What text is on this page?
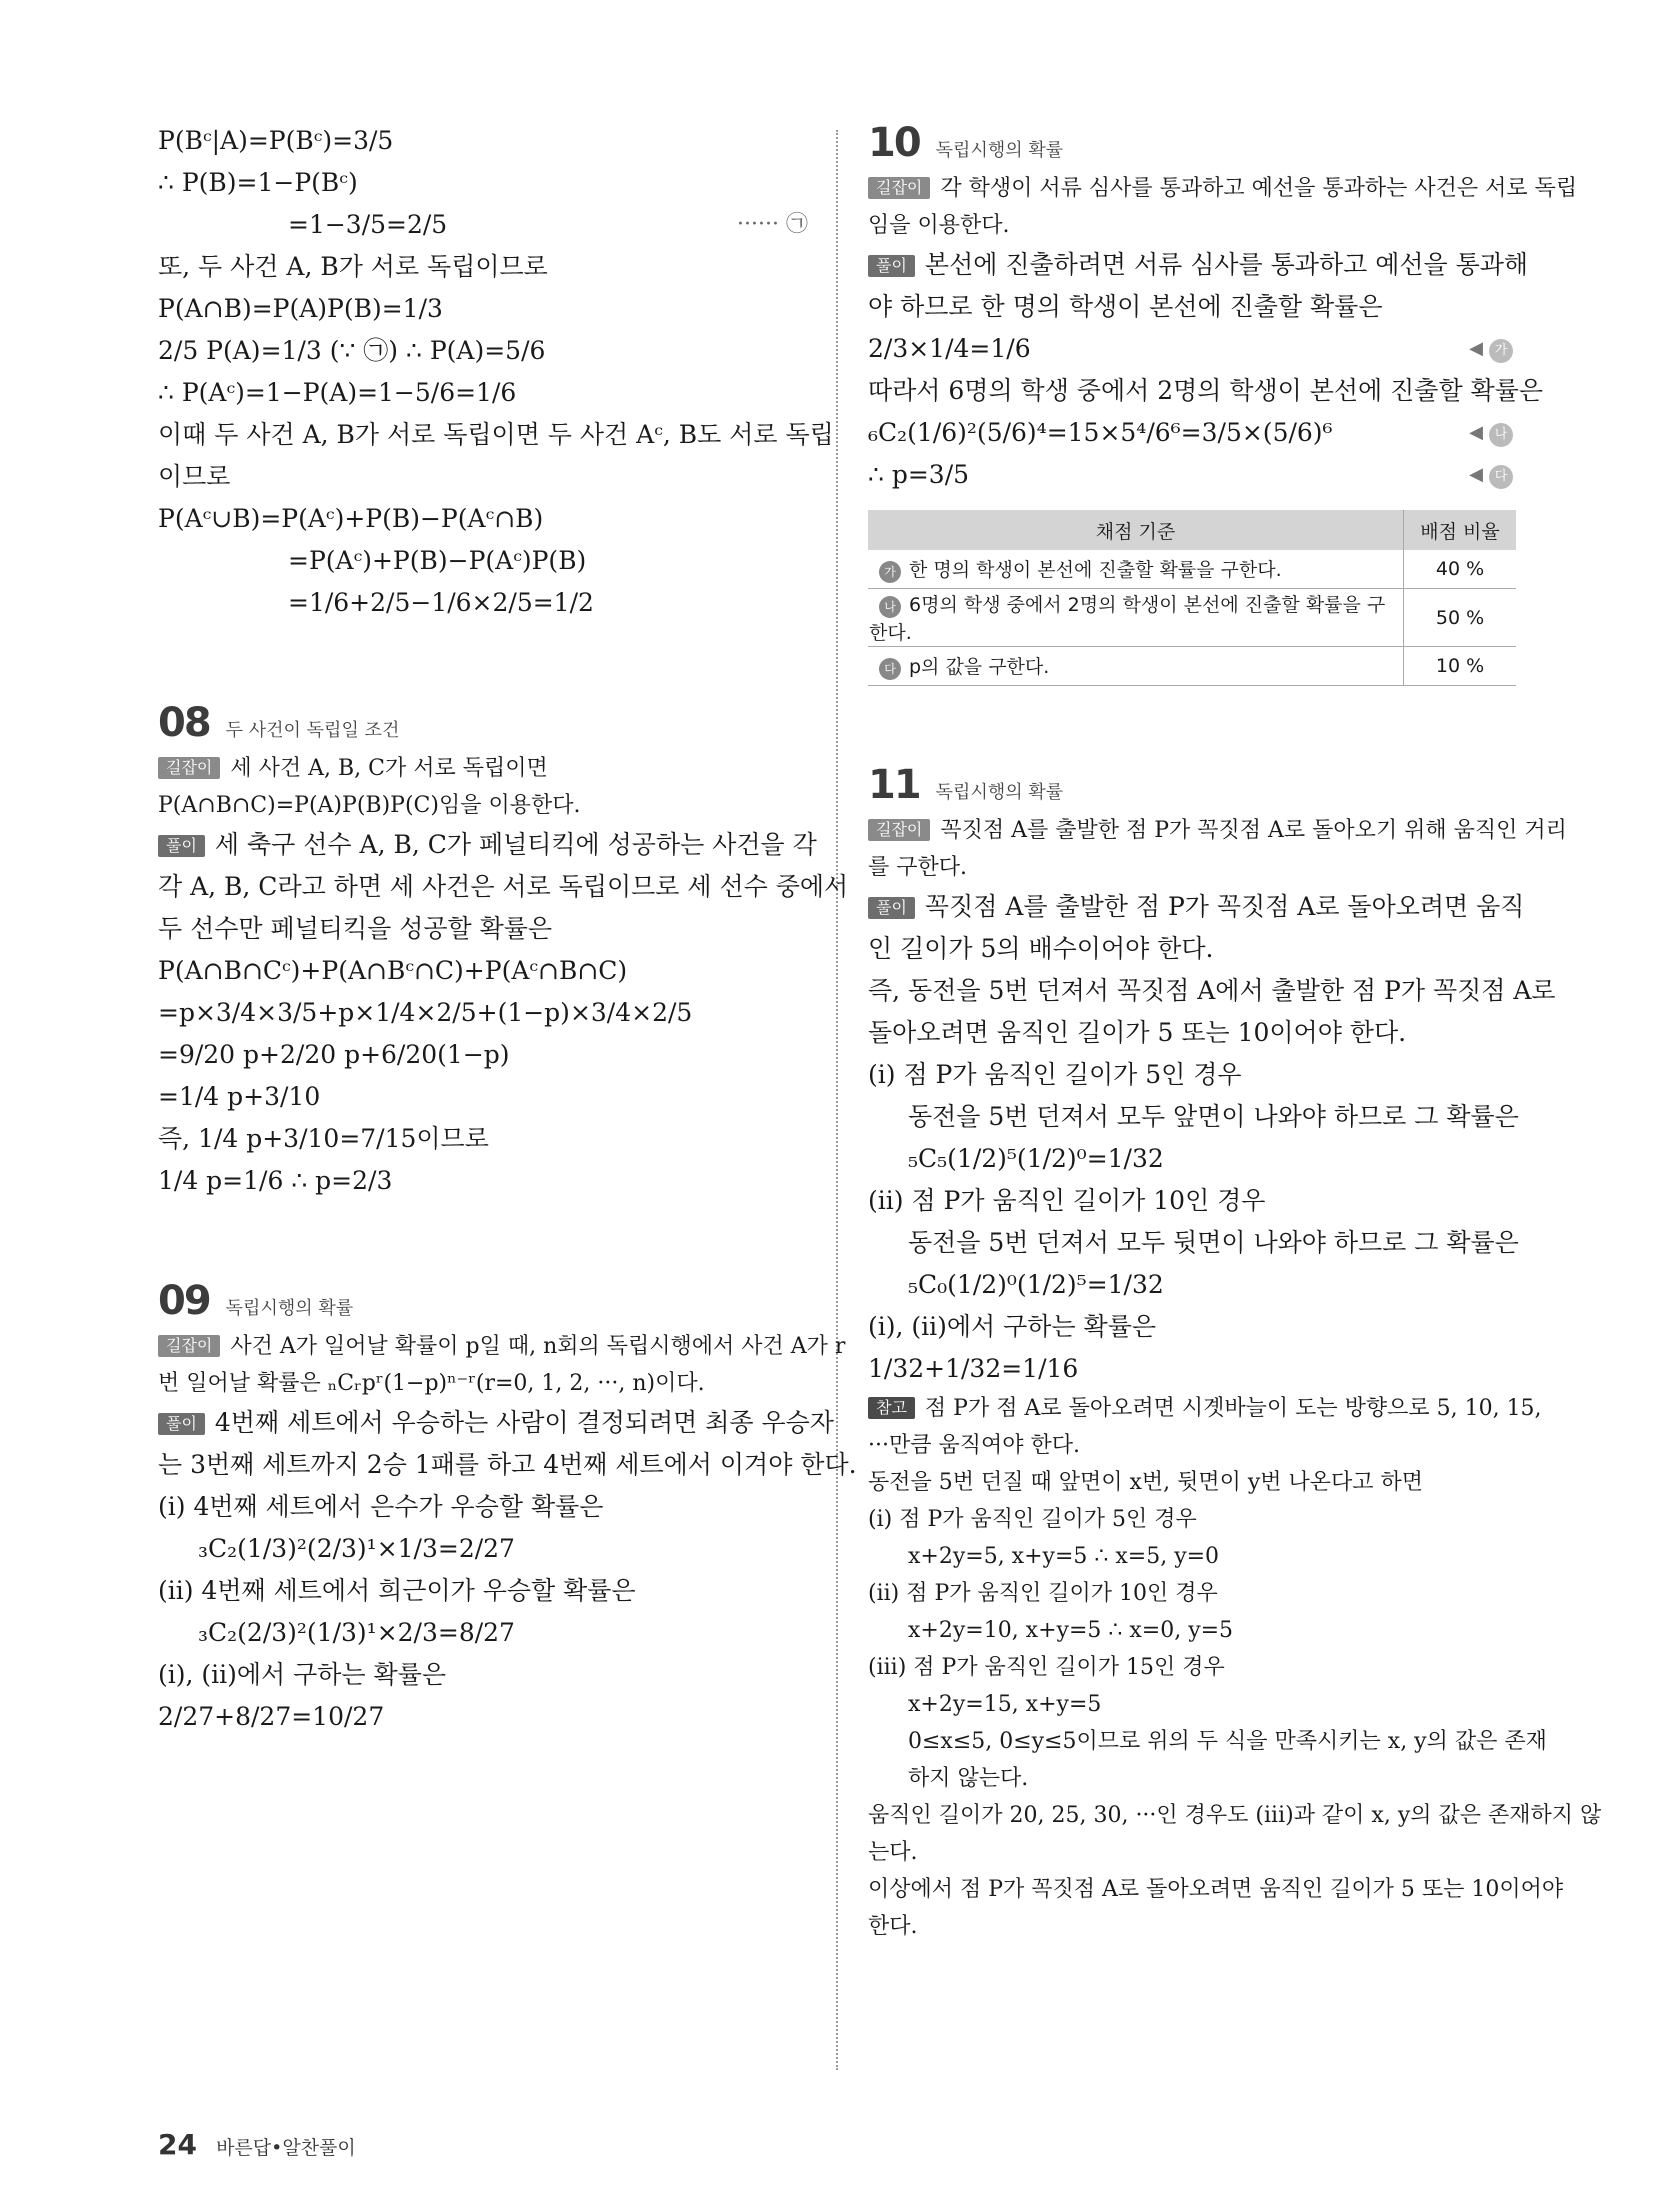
P(Bᶜ|A)=P(Bᶜ)=3/5
∴ P(B)=1−P(Bᶜ)
=1−3/5=2/5	······ ㉠
또, 두 사건 A, B가 서로 독립이므로
P(A∩B)=P(A)P(B)=1/3
2/5 P(A)=1/3 (∵ ㉠) ∴ P(A)=5/6
∴ P(Aᶜ)=1−P(A)=1−5/6=1/6
이때 두 사건 A, B가 서로 독립이면 두 사건 Aᶜ, B도 서로 독립
이므로
P(Aᶜ∪B)=P(Aᶜ)+P(B)−P(Aᶜ∩B)
=P(Aᶜ)+P(B)−P(Aᶜ)P(B)
=1/6+2/5−1/6×2/5=1/2
08 두 사건이 독립일 조건
길잡이 세 사건 A, B, C가 서로 독립이면
P(A∩B∩C)=P(A)P(B)P(C)임을 이용한다.
풀이 세 축구 선수 A, B, C가 페널티킥에 성공하는 사건을 각
각 A, B, C라고 하면 세 사건은 서로 독립이므로 세 선수 중에서
두 선수만 페널티킥을 성공할 확률은
P(A∩B∩Cᶜ)+P(A∩Bᶜ∩C)+P(Aᶜ∩B∩C)
=p×3/4×3/5+p×1/4×2/5+(1−p)×3/4×2/5
=9/20 p+2/20 p+6/20(1−p)
=1/4 p+3/10
즉, 1/4 p+3/10=7/15이므로
1/4 p=1/6 ∴ p=2/3
09 독립시행의 확률
길잡이 사건 A가 일어날 확률이 p일 때, n회의 독립시행에서 사건 A가 r
번 일어날 확률은 ₙCᵣpʳ(1−p)ⁿ⁻ʳ(r=0, 1, 2, ···, n)이다.
풀이 4번째 세트에서 우승하는 사람이 결정되려면 최종 우승자
는 3번째 세트까지 2승 1패를 하고 4번째 세트에서 이겨야 한다.
(i) 4번째 세트에서 은수가 우승할 확률은
₃C₂(1/3)²(2/3)¹×1/3=2/27
(ii) 4번째 세트에서 희근이가 우승할 확률은
₃C₂(2/3)²(1/3)¹×2/3=8/27
(i), (ii)에서 구하는 확률은
2/27+8/27=10/27
10 독립시행의 확률
길잡이 각 학생이 서류 심사를 통과하고 예선을 통과하는 사건은 서로 독립
임을 이용한다.
풀이 본선에 진출하려면 서류 심사를 통과하고 예선을 통과해
야 하므로 한 명의 학생이 본선에 진출할 확률은
2/3×1/4=1/6	◀ 가
따라서 6명의 학생 중에서 2명의 학생이 본선에 진출할 확률은
₆C₂(1/6)²(5/6)⁴=15×5⁴/6⁶=3/5×(5/6)⁶	◀ 나
∴ p=3/5	◀ 다
채점 기준	배점 비율
가 한 명의 학생이 본선에 진출할 확률을 구한다.	40 %
나 6명의 학생 중에서 2명의 학생이 본선에 진출할 확률을 구한다.	50 %
다 p의 값을 구한다.	10 %
11 독립시행의 확률
길잡이 꼭짓점 A를 출발한 점 P가 꼭짓점 A로 돌아오기 위해 움직인 거리
를 구한다.
풀이 꼭짓점 A를 출발한 점 P가 꼭짓점 A로 돌아오려면 움직
인 길이가 5의 배수이어야 한다.
즉, 동전을 5번 던져서 꼭짓점 A에서 출발한 점 P가 꼭짓점 A로
돌아오려면 움직인 길이가 5 또는 10이어야 한다.
(i) 점 P가 움직인 길이가 5인 경우
동전을 5번 던져서 모두 앞면이 나와야 하므로 그 확률은
₅C₅(1/2)⁵(1/2)⁰=1/32
(ii) 점 P가 움직인 길이가 10인 경우
동전을 5번 던져서 모두 뒷면이 나와야 하므로 그 확률은
₅C₀(1/2)⁰(1/2)⁵=1/32
(i), (ii)에서 구하는 확률은
1/32+1/32=1/16
참고 점 P가 점 A로 돌아오려면 시곗바늘이 도는 방향으로 5, 10, 15,
···만큼 움직여야 한다.
동전을 5번 던질 때 앞면이 x번, 뒷면이 y번 나온다고 하면
(i) 점 P가 움직인 길이가 5인 경우
x+2y=5, x+y=5 ∴ x=5, y=0
(ii) 점 P가 움직인 길이가 10인 경우
x+2y=10, x+y=5 ∴ x=0, y=5
(iii) 점 P가 움직인 길이가 15인 경우
x+2y=15, x+y=5
0≤x≤5, 0≤y≤5이므로 위의 두 식을 만족시키는 x, y의 값은 존재
하지 않는다.
움직인 길이가 20, 25, 30, ···인 경우도 (iii)과 같이 x, y의 값은 존재하지 않
는다.
이상에서 점 P가 꼭짓점 A로 돌아오려면 움직인 길이가 5 또는 10이어야
한다.
24 바른답•알찬풀이
